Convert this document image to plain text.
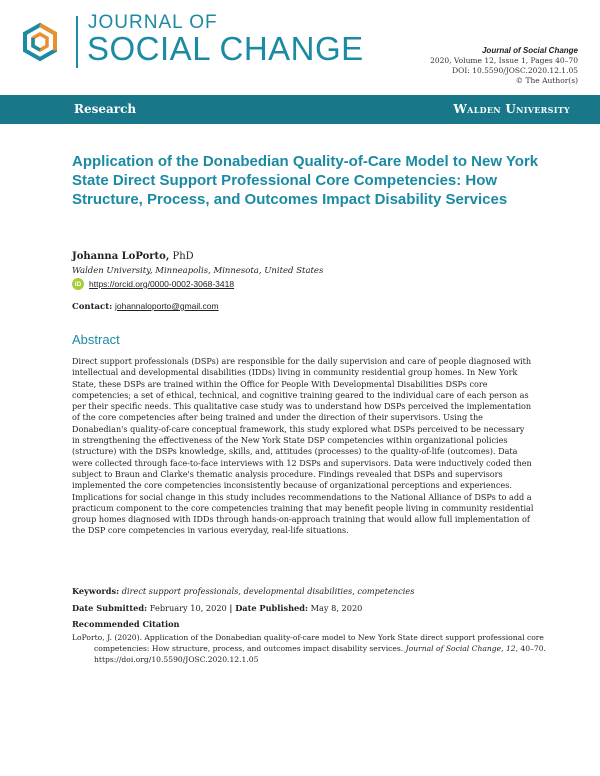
JOURNAL OF
SOCIAL CHANGE	Journal of Social Change
2020, Volume 12, Issue 1, Pages 40–70
DOI: 10.5590/JOSC.2020.12.1.05
© The Author(s)
Research	Walden University
Application of the Donabedian Quality-of-Care Model to New York State Direct Support Professional Core Competencies: How Structure, Process, and Outcomes Impact Disability Services
Johanna LoPorto, PhD
Walden University, Minneapolis, Minnesota, United States
iD https://orcid.org/0000-0002-3068-3418
Contact: johannaloporto@gmail.com
Abstract

Direct support professionals (DSPs) are responsible for the daily supervision and care of people diagnosed with intellectual and developmental disabilities (IDDs) living in community residential group homes. In New York State, these DSPs are trained within the Office for People With Developmental Disabilities DSPs core competencies; a set of ethical, technical, and cognitive training geared to the individual care of each person as per their specific needs. This qualitative case study was to understand how DSPs perceived the implementation of the core competencies after being trained and under the direction of their supervisors. Using the Donabedian's quality-of-care conceptual framework, this study explored what DSPs perceived to be necessary in strengthening the effectiveness of the New York State DSP competencies within organizational policies (structure) with the DSPs knowledge, skills, and, attitudes (processes) to the quality-of-life (outcomes). Data were collected through face-to-face interviews with 12 DSPs and supervisors. Data were inductively coded then subject to Braun and Clarke's thematic analysis procedure. Findings revealed that DSPs and supervisors implemented the core competencies inconsistently because of organizational perceptions and experiences. Implications for social change in this study includes recommendations to the National Alliance of DSPs to add a practicum component to the core competencies training that may benefit people living in community residential group homes diagnosed with IDDs through hands-on-approach training that would allow full implementation of the DSP core competencies in various everyday, real-life situations.

Keywords: direct support professionals, developmental disabilities, competencies
Date Submitted: February 10, 2020 | Date Published: May 8, 2020
Recommended Citation
LoPorto, J. (2020). Application of the Donabedian quality-of-care model to New York State direct support professional core competencies: How structure, process, and outcomes impact disability services. Journal of Social Change, 12, 40–70. https://doi.org/10.5590/JOSC.2020.12.1.05
